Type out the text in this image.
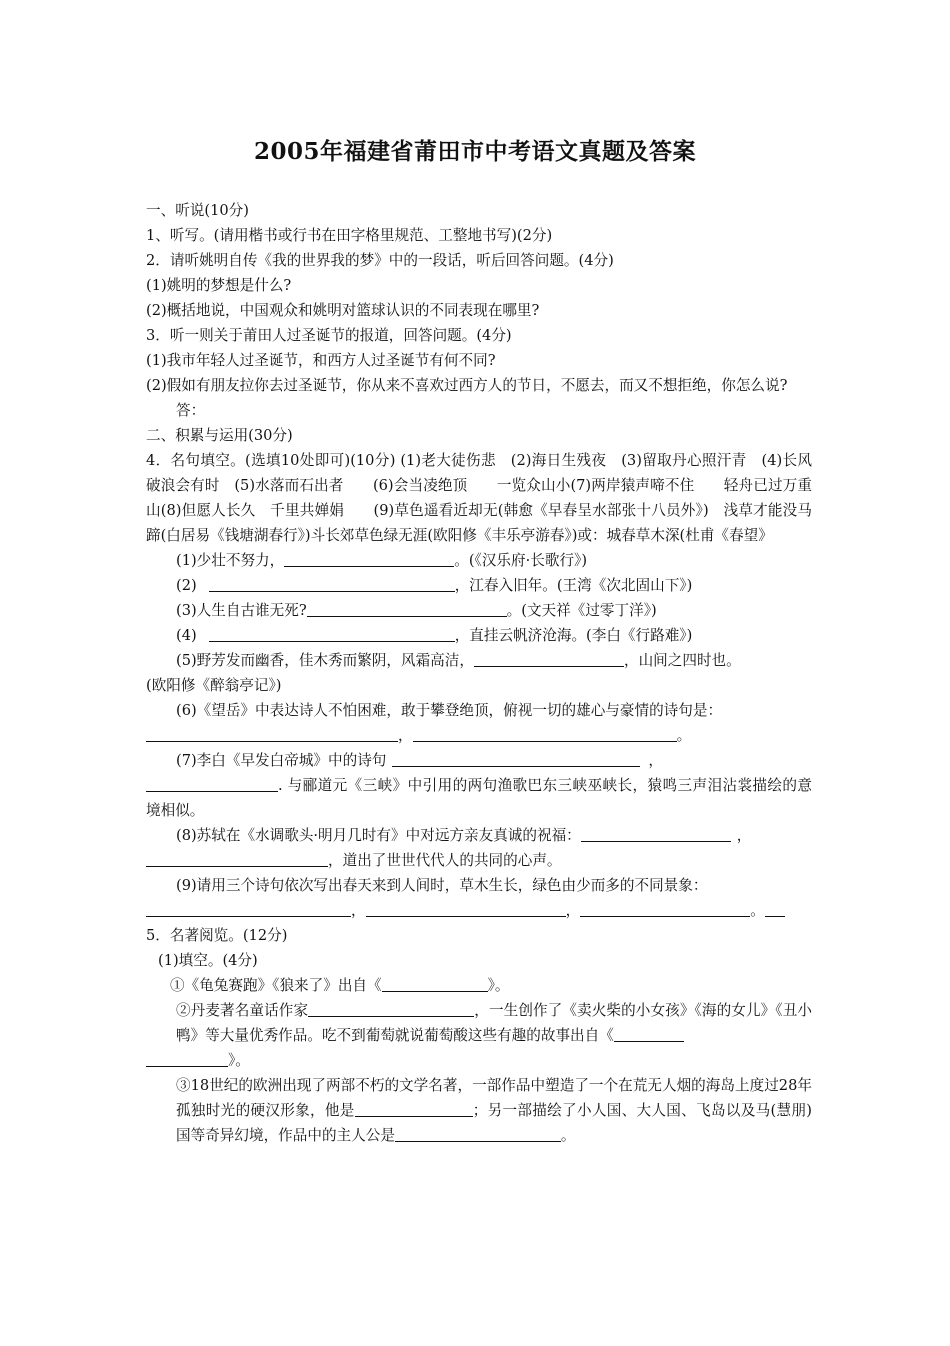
2005年福建省莆田市中考语文真题及答案

一、听说(10分)

1、听写。(请用楷书或行书在田字格里规范、工整地书写)(2分)

2．请听姚明自传《我的世界我的梦》中的一段话，听后回答问题。(4分)

(1)姚明的梦想是什么?

(2)概括地说，中国观众和姚明对篮球认识的不同表现在哪里?

3．听一则关于莆田人过圣诞节的报道，回答问题。(4分)

(1)我市年轻人过圣诞节，和西方人过圣诞节有何不同?

(2)假如有朋友拉你去过圣诞节，你从来不喜欢过西方人的节日，不愿去，而又不想拒绝，你怎么说?

答：

二、积累与运用(30分)

4．名句填空。(选填10处即可)(10分) (1)老大徒伤悲　(2)海日生残夜　(3)留取丹心照汗青　(4)长风破浪会有时　(5)水落而石出者　　(6)会当凌绝顶　　一览众山小(7)两岸猿声啼不住　　轻舟已过万重山(8)但愿人长久　千里共婵娟　　(9)草色遥看近却无(韩愈《早春呈水部张十八员外》)　浅草才能没马蹄(白居易《钱塘湖春行》)斗长郊草色绿无涯(欧阳修《丰乐亭游春》)或：城春草木深(杜甫《春望》

(1)少壮不努力，	。(《汉乐府·长歌行》)

(2)	，江春入旧年。(王湾《次北固山下》)

(3)人生自古谁无死?	。(文天祥《过零丁洋》)

(4)	，直挂云帆济沧海。(李白《行路难》)

(5)野芳发而幽香，佳木秀而繁阴，风霜高洁，	，山间之四时也。

(欧阳修《醉翁亭记》)

(6)《望岳》中表达诗人不怕困难，敢于攀登绝顶，俯视一切的雄心与豪情的诗句是：

，	。

(7)李白《早发白帝城》中的诗句	，

. 与郦道元《三峡》中引用的两句渔歌巴东三峡巫峡长，猿鸣三声泪沾裳描绘的意境相似。

(8)苏轼在《水调歌头·明月几时有》中对远方亲友真诚的祝福：	，

，道出了世世代代人的共同的心声。

(9)请用三个诗句依次写出春天来到人间时，草木生长，绿色由少而多的不同景象：

，	，	。

5．名著阅览。(12分)

(1)填空。(4分)

①《龟兔赛跑》《狼来了》出自《	》。

②丹麦著名童话作家	，一生创作了《卖火柴的小女孩》《海的女儿》《丑小鸭》等大量优秀作品。吃不到葡萄就说葡萄酸这些有趣的故事出自《

》。

③18世纪的欧洲出现了两部不朽的文学名著，一部作品中塑造了一个在荒无人烟的海岛上度过28年孤独时光的硬汉形象，他是	；另一部描绘了小人国、大人国、飞岛以及马(慧朋)国等奇异幻境，作品中的主人公是	。
